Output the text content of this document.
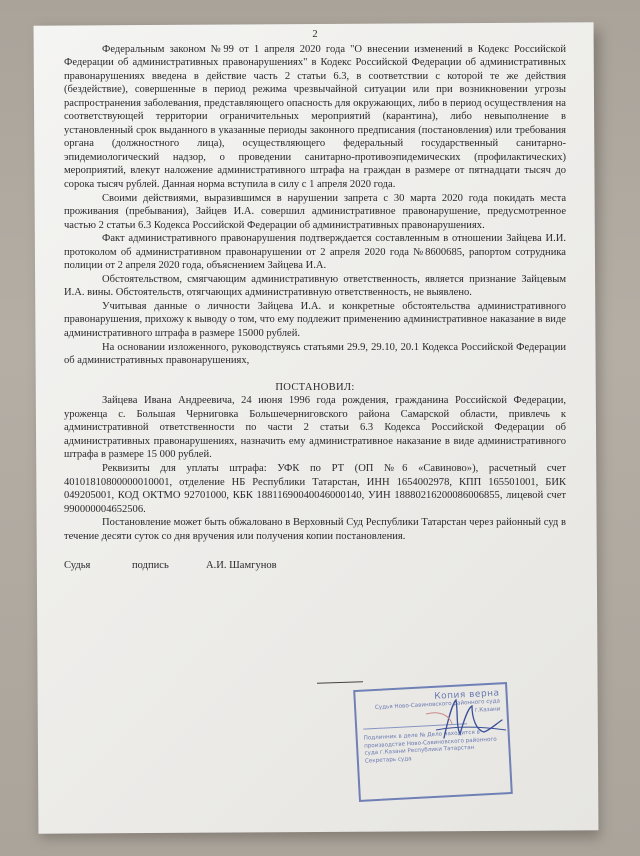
2

Федеральным законом №99 от 1 апреля 2020 года "О внесении изменений в Кодекс Российской Федерации об административных правонарушениях" в Кодекс Российской Федерации об административных правонарушениях введена в действие часть 2 статьи 6.3, в соответствии с которой те же действия (бездействие), совершенные в период режима чрезвычайной ситуации или при возникновении угрозы распространения заболевания, представляющего опасность для окружающих, либо в период осуществления на соответствующей территории ограничительных мероприятий (карантина), либо невыполнение в установленный срок выданного в указанные периоды законного предписания (постановления) или требования органа (должностного лица), осуществляющего федеральный государственный санитарно-эпидемиологический надзор, о проведении санитарно-противоэпидемических (профилактических) мероприятий, влекут наложение административного штрафа на граждан в размере от пятнадцати тысяч до сорока тысяч рублей. Данная норма вступила в силу с 1 апреля 2020 года.

Своими действиями, выразившимся в нарушении запрета с 30 марта 2020 года покидать места проживания (пребывания), Зайцев И.А. совершил административное правонарушение, предусмотренное частью 2 статьи 6.3 Кодекса Российской Федерации об административных правонарушениях.

Факт административного правонарушения подтверждается составленным в отношении Зайцева И.И. протоколом об административном правонарушении от 2 апреля 2020 года №8600685, рапортом сотрудника полиции от 2 апреля 2020 года, объяснением Зайцева И.А.

Обстоятельством, смягчающим административную ответственность, является признание Зайцевым И.А. вины. Обстоятельств, отягчающих административную ответственность, не выявлено.

Учитывая данные о личности Зайцева И.А. и конкретные обстоятельства административного правонарушения, прихожу к выводу о том, что ему подлежит применению административное наказание в виде административного штрафа в размере 15000 рублей.

На основании изложенного, руководствуясь статьями 29.9, 29.10, 20.1 Кодекса Российской Федерации об административных правонарушениях,

ПОСТАНОВИЛ:

Зайцева Ивана Андреевича, 24 июня 1996 года рождения, гражданина Российской Федерации, уроженца с. Большая Черниговка Большечерниговского района Самарской области, привлечь к административной ответственности по части 2 статьи 6.3 Кодекса Российской Федерации об административных правонарушениях, назначить ему административное наказание в виде административного штрафа в размере 15 000 рублей.

Реквизиты для уплаты штрафа: УФК по РТ (ОП №6 «Савиново»), расчетный счет 40101810800000010001, отделение НБ Республики Татарстан, ИНН 1654002978, КПП 165501001, БИК 049205001, КОД ОКТМО 92701000, КБК 18811690040046000140, УИН 18880216200086006855, лицевой счет 990000004652506.

Постановление может быть обжаловано в Верховный Суд Республики Татарстан через районный суд в течение десяти суток со дня вручения или получения копии постановления.

Судья	подпись	А.И. Шамгунов
Копия верна
Судья Ново-Савиновского районного суда г.Казани
Подлинник в деле № Дело находится в производстве Ново-Савиновского районного суда г.Казани Республики Татарстан Секретарь суда
